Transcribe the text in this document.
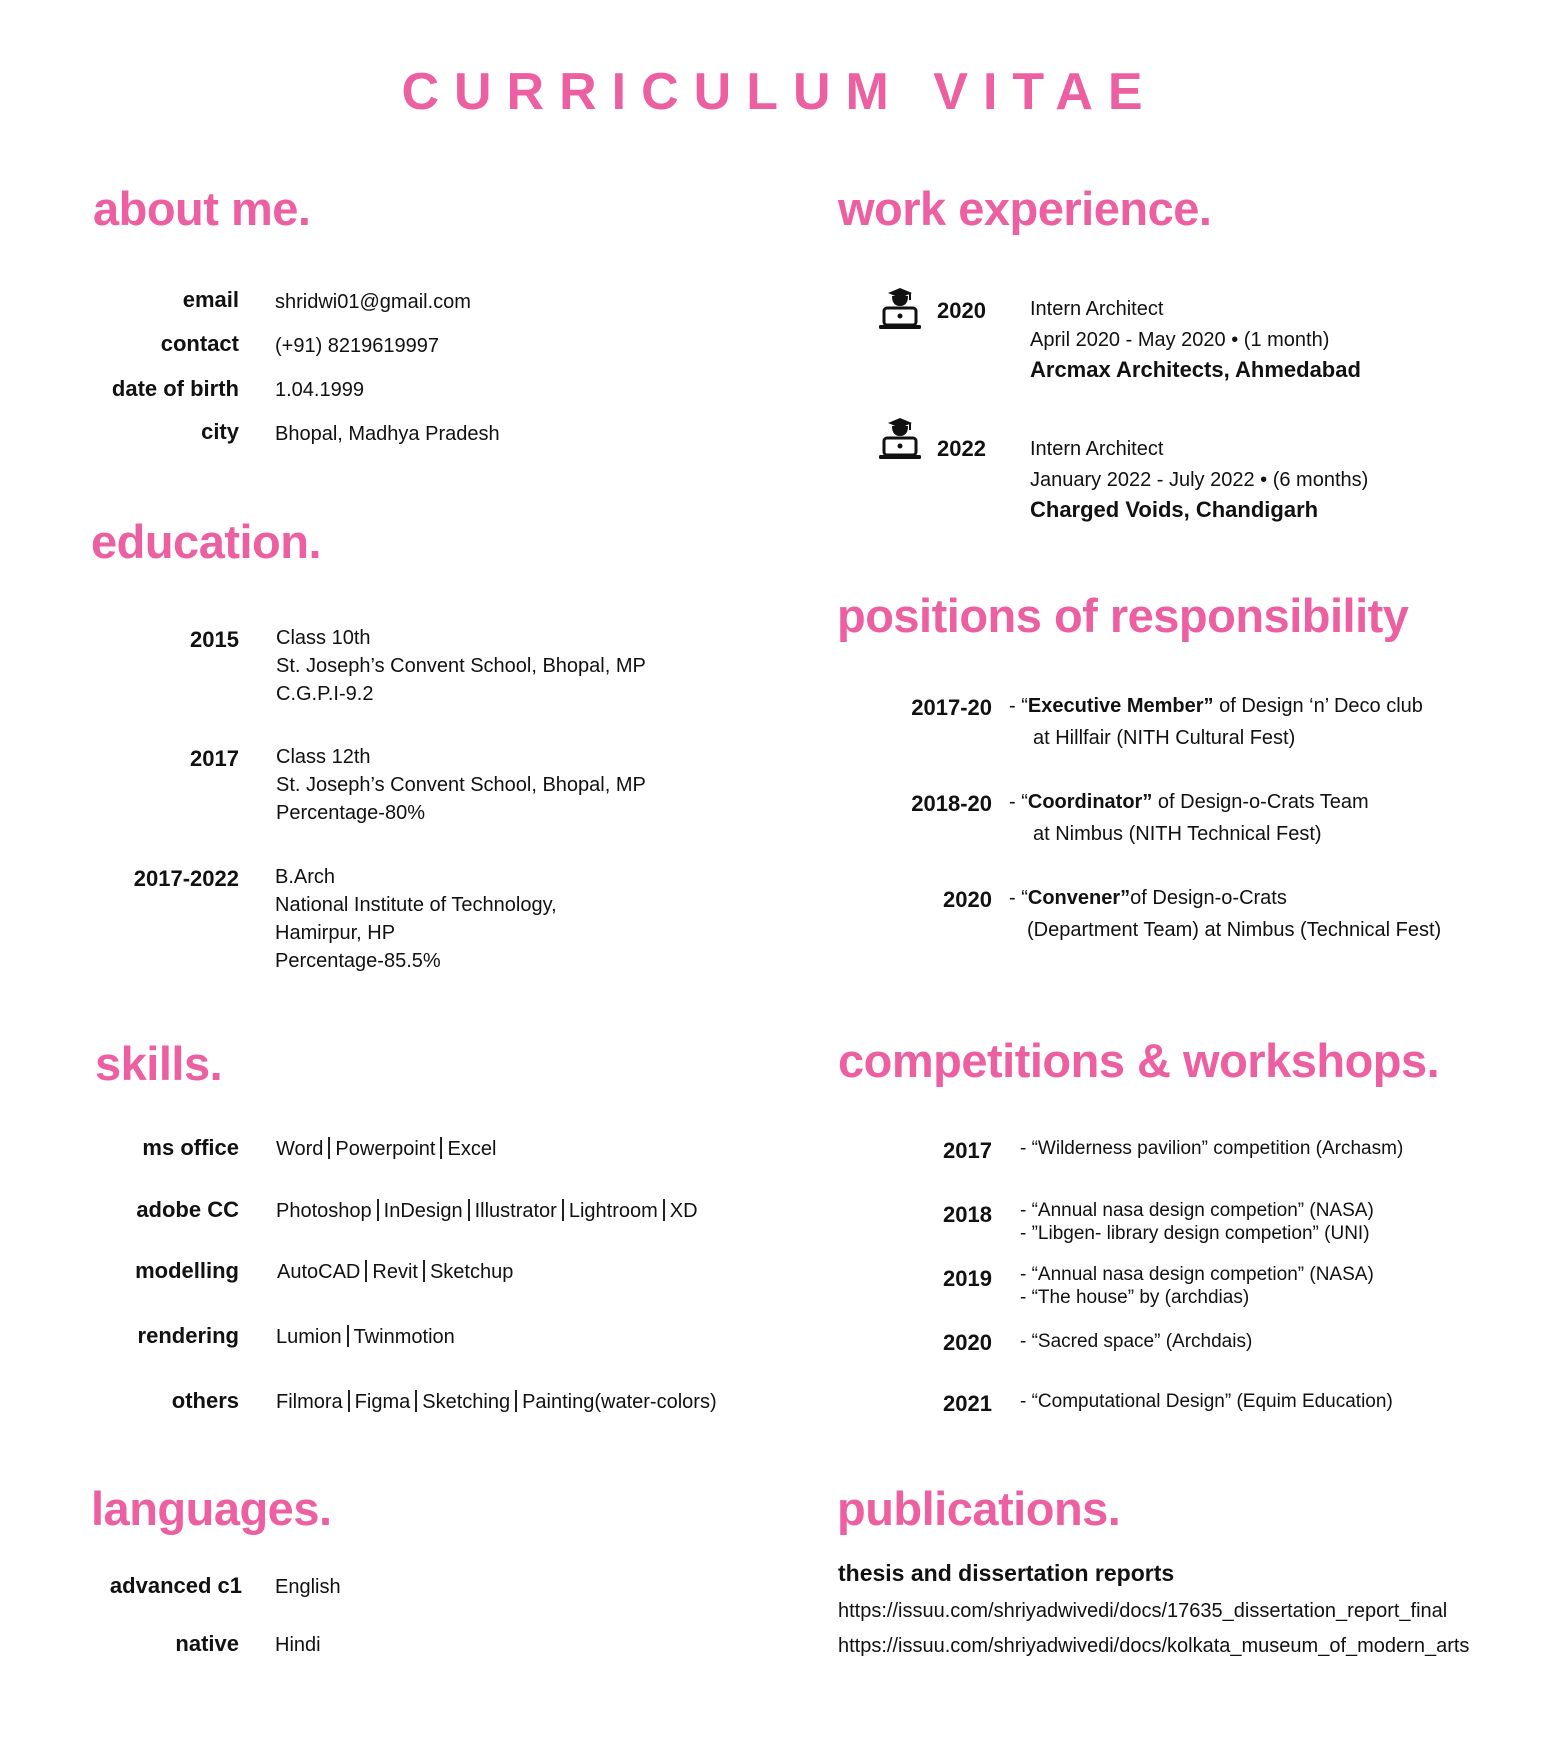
CURRICULUM VITAE
about me.
email shridwi01@gmail.com
contact (+91) 8219619997
date of birth 1.04.1999
city Bhopal, Madhya Pradesh
education.
2015 Class 10th
St. Joseph’s Convent School, Bhopal, MP
C.G.P.I-9.2
2017 Class 12th
St. Joseph’s Convent School, Bhopal, MP
Percentage-80%
2017-2022 B.Arch
National Institute of Technology,
Hamirpur, HP
Percentage-85.5%
skills.
ms office Word Powerpoint Excel
adobe CC Photoshop InDesign Illustrator Lightroom XD
modelling AutoCAD Revit Sketchup
rendering Lumion Twinmotion
others Filmora Figma Sketching Painting(water-colors)
languages.
advanced c1 English
native Hindi
work experience.
2020 Intern Architect
April 2020 - May 2020 • (1 month)
Arcmax Architects, Ahmedabad
2022 Intern Architect
January 2022 - July 2022 • (6 months)
Charged Voids, Chandigarh
positions of responsibility
2017-20 - “Executive Member” of Design ‘n’ Deco club
at Hillfair (NITH Cultural Fest)
2018-20 - “Coordinator” of Design-o-Crats Team
at Nimbus (NITH Technical Fest)
2020 - “Convener”of Design-o-Crats
(Department Team) at Nimbus (Technical Fest)
competitions & workshops.
2017 - “Wilderness pavilion” competition (Archasm)
2018 - “Annual nasa design competion” (NASA)
- ”Libgen- library design competion” (UNI)
2019 - “Annual nasa design competion” (NASA)
- “The house” by (archdias)
2020 - “Sacred space” (Archdais)
2021 - “Computational Design” (Equim Education)
publications.
thesis and dissertation reports
https://issuu.com/shriyadwivedi/docs/17635_dissertation_report_final
https://issuu.com/shriyadwivedi/docs/kolkata_museum_of_modern_arts
